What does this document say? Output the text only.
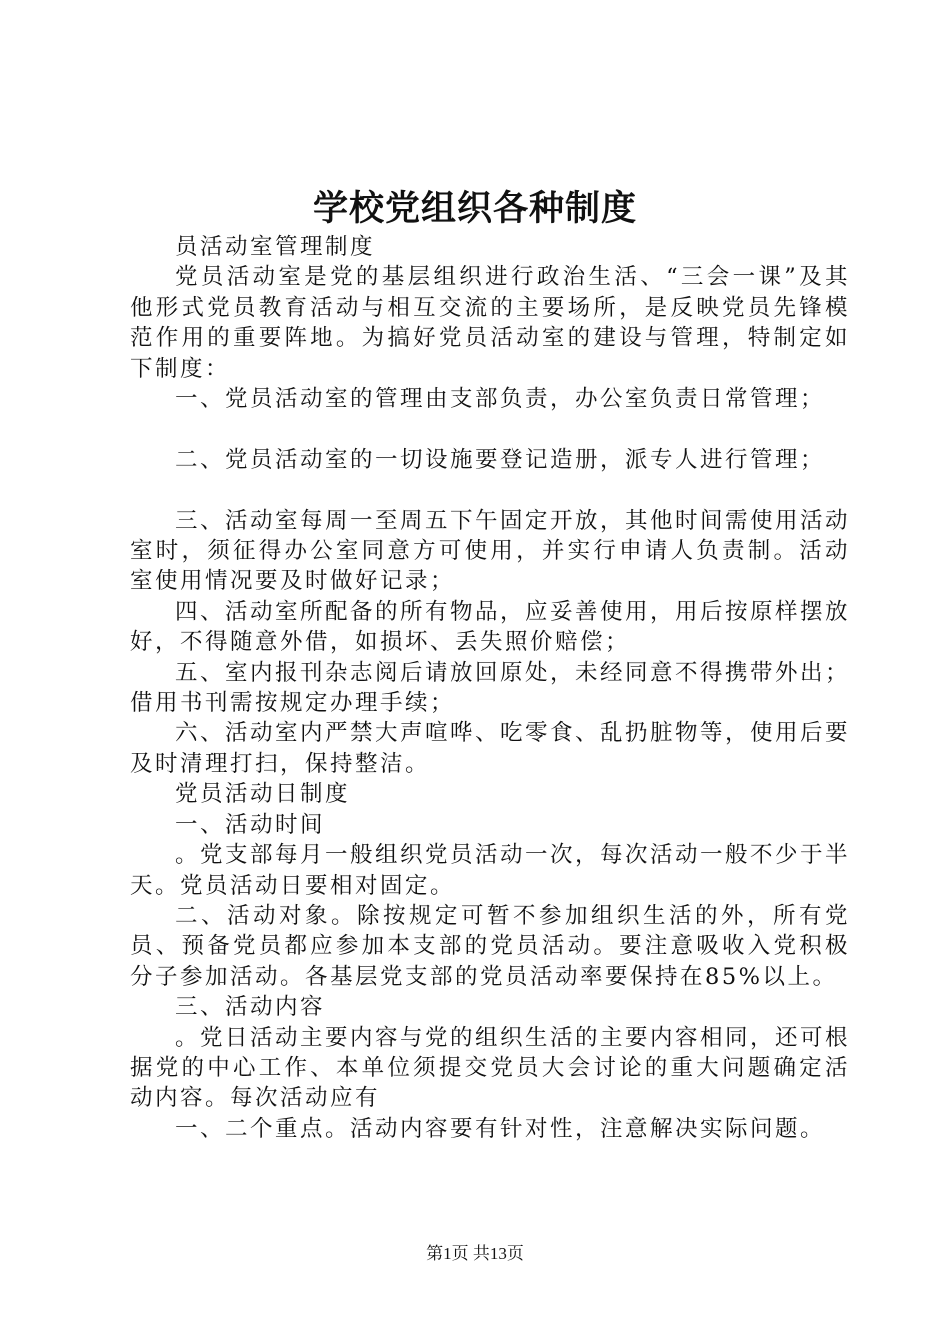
学校党组织各种制度

员活动室管理制度

党员活动室是党的基层组织进行政治生活、“三会一课”及其他形式党员教育活动与相互交流的主要场所，是反映党员先锋模范作用的重要阵地。为搞好党员活动室的建设与管理，特制定如下制度：

一、党员活动室的管理由支部负责，办公室负责日常管理；

二、党员活动室的一切设施要登记造册，派专人进行管理；

三、活动室每周一至周五下午固定开放，其他时间需使用活动室时，须征得办公室同意方可使用，并实行申请人负责制。活动室使用情况要及时做好记录；

四、活动室所配备的所有物品，应妥善使用，用后按原样摆放好，不得随意外借，如损坏、丢失照价赔偿；

五、室内报刊杂志阅后请放回原处，未经同意不得携带外出；借用书刊需按规定办理手续；

六、活动室内严禁大声喧哗、吃零食、乱扔脏物等，使用后要及时清理打扫，保持整洁。

党员活动日制度

一、活动时间

。党支部每月一般组织党员活动一次，每次活动一般不少于半天。党员活动日要相对固定。

二、活动对象。除按规定可暂不参加组织生活的外，所有党员、预备党员都应参加本支部的党员活动。要注意吸收入党积极分子参加活动。各基层党支部的党员活动率要保持在85%以上。

三、活动内容

。党日活动主要内容与党的组织生活的主要内容相同，还可根据党的中心工作、本单位须提交党员大会讨论的重大问题确定活动内容。每次活动应有

一、二个重点。活动内容要有针对性，注意解决实际问题。

第1页 共13页
